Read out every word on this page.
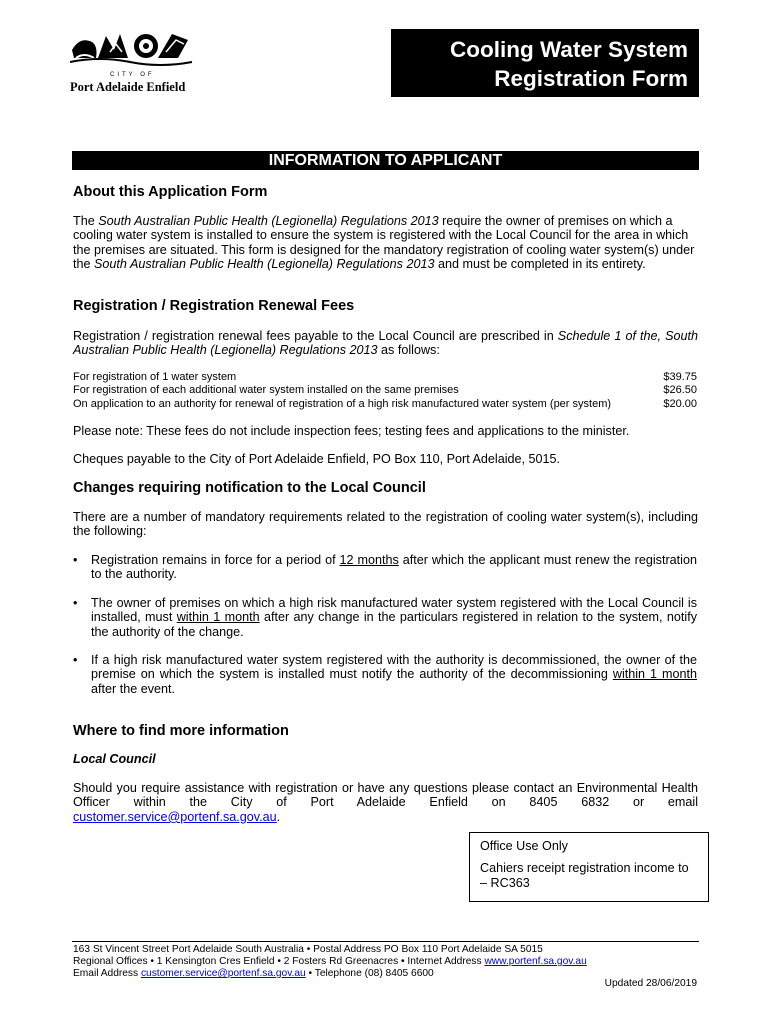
CITY OF
Port Adelaide Enfield
Cooling Water System
Registration Form
INFORMATION TO APPLICANT
About this Application Form
The South Australian Public Health (Legionella) Regulations 2013 require the owner of premises on which a cooling water system is installed to ensure the system is registered with the Local Council for the area in which the premises are situated. This form is designed for the mandatory registration of cooling water system(s) under the South Australian Public Health (Legionella) Regulations 2013 and must be completed in its entirety.
Registration / Registration Renewal Fees
Registration / registration renewal fees payable to the Local Council are prescribed in Schedule 1 of the, South Australian Public Health (Legionella) Regulations 2013 as follows:
For registration of 1 water system	$39.75
For registration of each additional water system installed on the same premises	$26.50
On application to an authority for renewal of registration of a high risk manufactured water system (per system)	$20.00
Please note: These fees do not include inspection fees; testing fees and applications to the minister.
Cheques payable to the City of Port Adelaide Enfield, PO Box 110, Port Adelaide, 5015.
Changes requiring notification to the Local Council
There are a number of mandatory requirements related to the registration of cooling water system(s), including the following:
• Registration remains in force for a period of 12 months after which the applicant must renew the registration to the authority.
• The owner of premises on which a high risk manufactured water system registered with the Local Council is installed, must within 1 month after any change in the particulars registered in relation to the system, notify the authority of the change.
• If a high risk manufactured water system registered with the authority is decommissioned, the owner of the premise on which the system is installed must notify the authority of the decommissioning within 1 month after the event.
Where to find more information
Local Council
Should you require assistance with registration or have any questions please contact an Environmental Health Officer within the City of Port Adelaide Enfield on 8405 6832 or email
customer.service@portenf.sa.gov.au.
Office Use Only
Cahiers receipt registration income to – RC363
163 St Vincent Street Port Adelaide South Australia • Postal Address PO Box 110 Port Adelaide SA 5015
Regional Offices • 1 Kensington Cres Enfield • 2 Fosters Rd Greenacres • Internet Address www.portenf.sa.gov.au
Email Address customer.service@portenf.sa.gov.au • Telephone (08) 8405 6600
Updated 28/06/2019
